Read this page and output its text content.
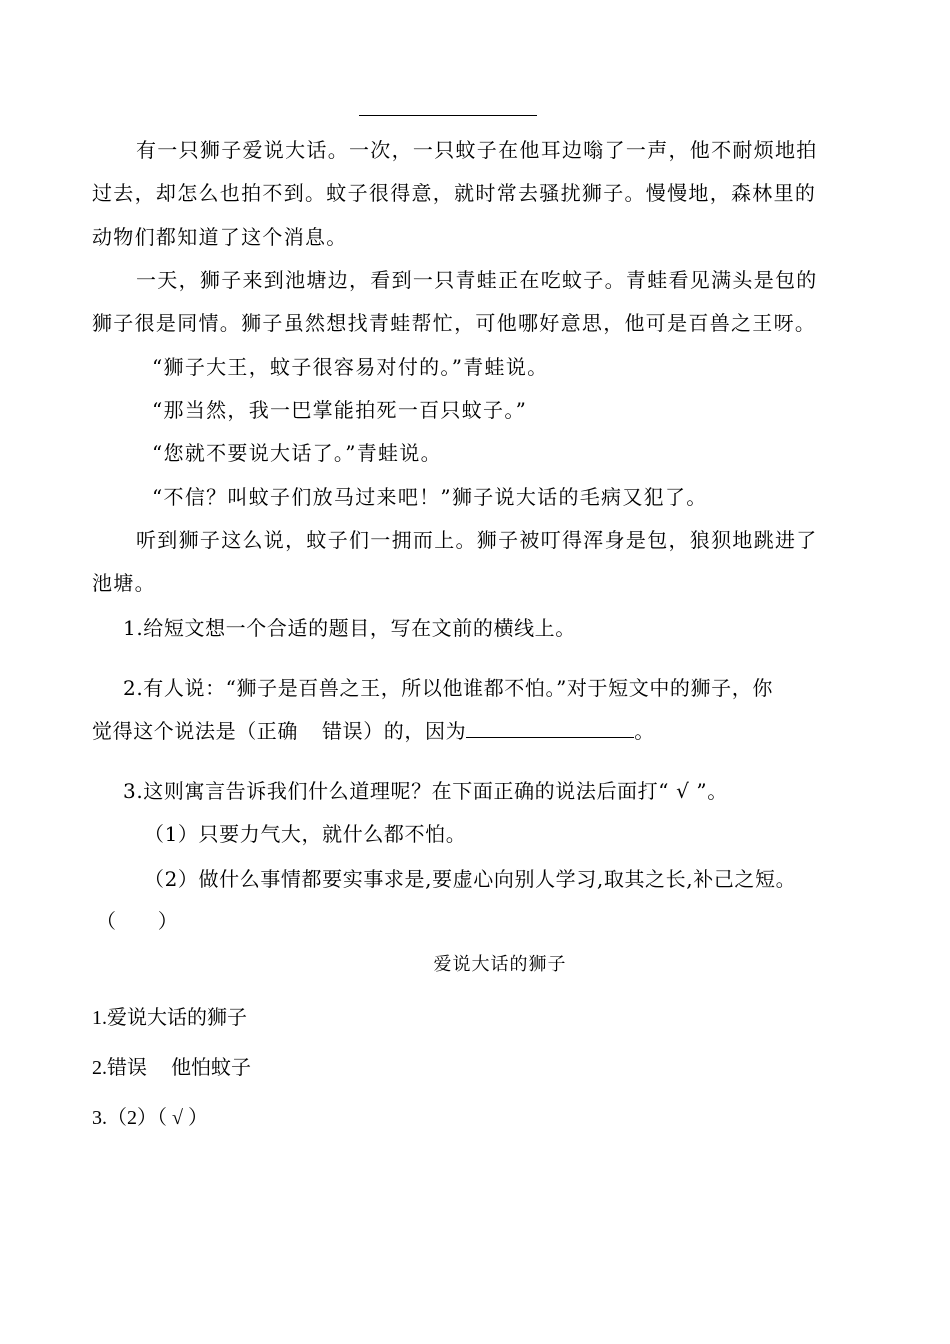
有一只狮子爱说大话。一次，一只蚊子在他耳边嗡了一声，他不耐烦地拍
过去，却怎么也拍不到。蚊子很得意，就时常去骚扰狮子。慢慢地，森林里的
动物们都知道了这个消息。
一天，狮子来到池塘边，看到一只青蛙正在吃蚊子。青蛙看见满头是包的
狮子很是同情。狮子虽然想找青蛙帮忙，可他哪好意思，他可是百兽之王呀。
“狮子大王，蚊子很容易对付的。”青蛙说。
“那当然，我一巴掌能拍死一百只蚊子。”
“您就不要说大话了。”青蛙说。
“不信？叫蚊子们放马过来吧！”狮子说大话的毛病又犯了。
听到狮子这么说，蚊子们一拥而上。狮子被叮得浑身是包，狼狈地跳进了
池塘。
1.给短文想一个合适的题目，写在文前的横线上。
2.有人说：“狮子是百兽之王，所以他谁都不怕。”对于短文中的狮子，你
觉得这个说法是（正确 错误）的，因为	。
3.这则寓言告诉我们什么道理呢？在下面正确的说法后面打“ √ ”。
（1）只要力气大，就什么都不怕。
（2）做什么事情都要实事求是,要虚心向别人学习,取其之长,补己之短。
（　　）
爱说大话的狮子
1.爱说大话的狮子
2.错误 他怕蚊子
3.（2）（ √ ）
